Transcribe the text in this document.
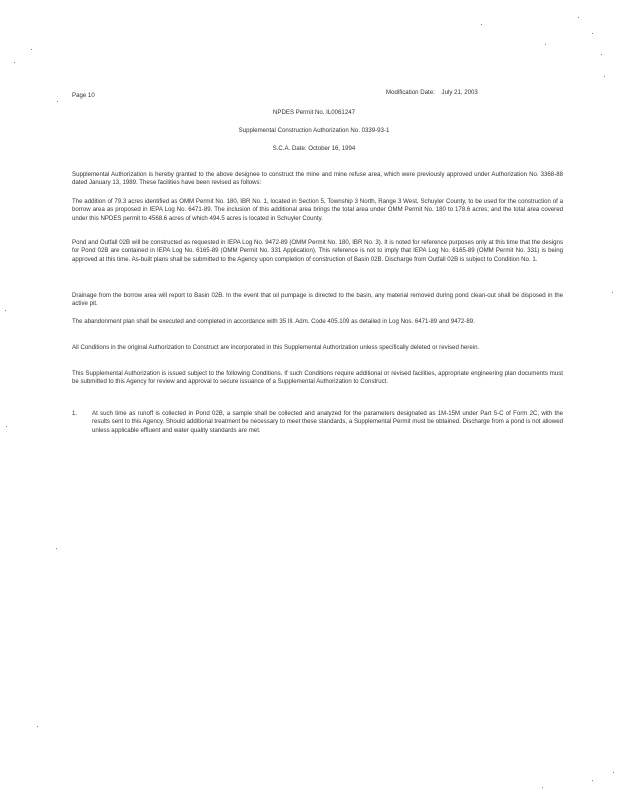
Page 10	Modification Date:    July 21, 2003
NPDES Permit No. IL0061247
Supplemental Construction Authorization No. 0339-93-1
S.C.A. Date: October 16, 1994

Supplemental Authorization is hereby granted to the above designee to construct the mine and mine refuse area, which were previously approved under Authorization No. 3368-88 dated January 13, 1989. These facilities have been revised as follows:

The addition of 79.3 acres identified as OMM Permit No. 180, IBR No. 1, located in Section 5, Township 3 North, Range 3 West, Schuyler County, to be used for the construction of a borrow area as proposed in IEPA Log No. 6471-89. The inclusion of this additional area brings the total area under OMM Permit No. 180 to 178.6 acres; and the total area covered under this NPDES permit to 4568.6 acres of which 494.5 acres is located in Schuyler County.

Pond and Outfall 02B will be constructed as requested in IEPA Log No. 9472-89 (OMM Permit No. 180, IBR No. 3). It is noted for reference purposes only at this time that the designs for Pond 02B are contained in IEPA Log No. 6165-89 (OMM Permit No. 331 Application). This reference is not to imply that IEPA Log No. 6165-89 (OMM Permit No. 331) is being approved at this time. As-built plans shall be submitted to the Agency upon completion of construction of Basin 02B. Discharge from Outfall 02B is subject to Condition No. 1.

Drainage from the borrow area will report to Basin 02B. In the event that oil pumpage is directed to the basin, any material removed during pond clean-out shall be disposed in the active pit.

The abandonment plan shall be executed and completed in accordance with 35 Ill. Adm. Code 405.109 as detailed in Log Nos. 6471-89 and 9472-89.

All Conditions in the original Authorization to Construct are incorporated in this Supplemental Authorization unless specifically deleted or revised herein.

This Supplemental Authorization is issued subject to the following Conditions. If such Conditions require additional or revised facilities, appropriate engineering plan documents must be submitted to this Agency for review and approval to secure issuance of a Supplemental Authorization to Construct.

1. At such time as runoff is collected in Pond 02B, a sample shall be collected and analyzed for the parameters designated as 1M-15M under Part 5-C of Form 2C, with the results sent to this Agency. Should additional treatment be necessary to meet these standards, a Supplemental Permit must be obtained. Discharge from a pond is not allowed unless applicable effluent and water quality standards are met.
